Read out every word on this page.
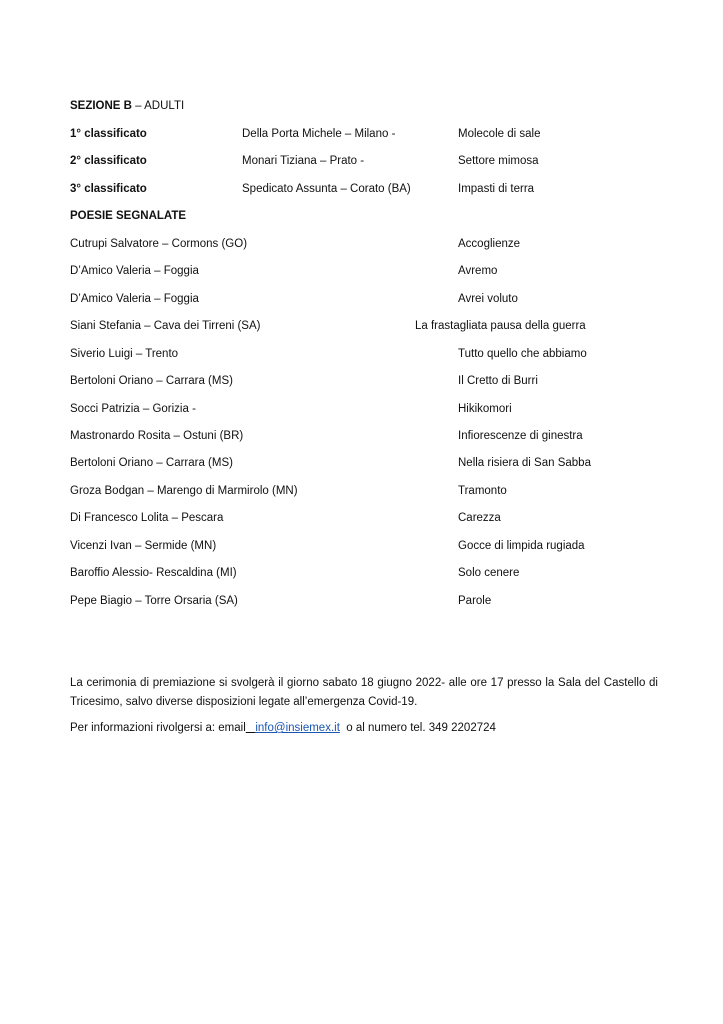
SEZIONE B – ADULTI
1° classificato	Della Porta Michele – Milano -	Molecole di sale
2° classificato	Monari Tiziana – Prato -	Settore mimosa
3° classificato	Spedicato Assunta – Corato (BA)	Impasti di terra
POESIE SEGNALATE
Cutrupi Salvatore – Cormons (GO)	Accoglienze
D’Amico Valeria – Foggia	Avremo
D’Amico Valeria – Foggia	Avrei voluto
Siani Stefania – Cava dei Tirreni (SA)	La frastagliata pausa della guerra
Siverio Luigi – Trento	Tutto quello che abbiamo
Bertoloni Oriano – Carrara (MS)	Il Cretto di Burri
Socci Patrizia – Gorizia -	Hikikomori
Mastronardo Rosita – Ostuni (BR)	Infiorescenze di ginestra
Bertoloni Oriano – Carrara (MS)	Nella risiera di San Sabba
Groza Bodgan – Marengo di Marmirolo (MN)	Tramonto
Di Francesco Lolita – Pescara	Carezza
Vicenzi Ivan – Sermide (MN)	Gocce di limpida rugiada
Baroffio Alessio- Rescaldina (MI)	Solo cenere
Pepe Biagio – Torre Orsaria (SA)	Parole
La cerimonia di premiazione si svolgerà il giorno sabato 18 giugno 2022- alle ore 17 presso la Sala del Castello di Tricesimo, salvo diverse disposizioni legate all’emergenza Covid-19.
Per informazioni rivolgersi a: email info@insiemex.it  o al numero tel. 349 2202724
